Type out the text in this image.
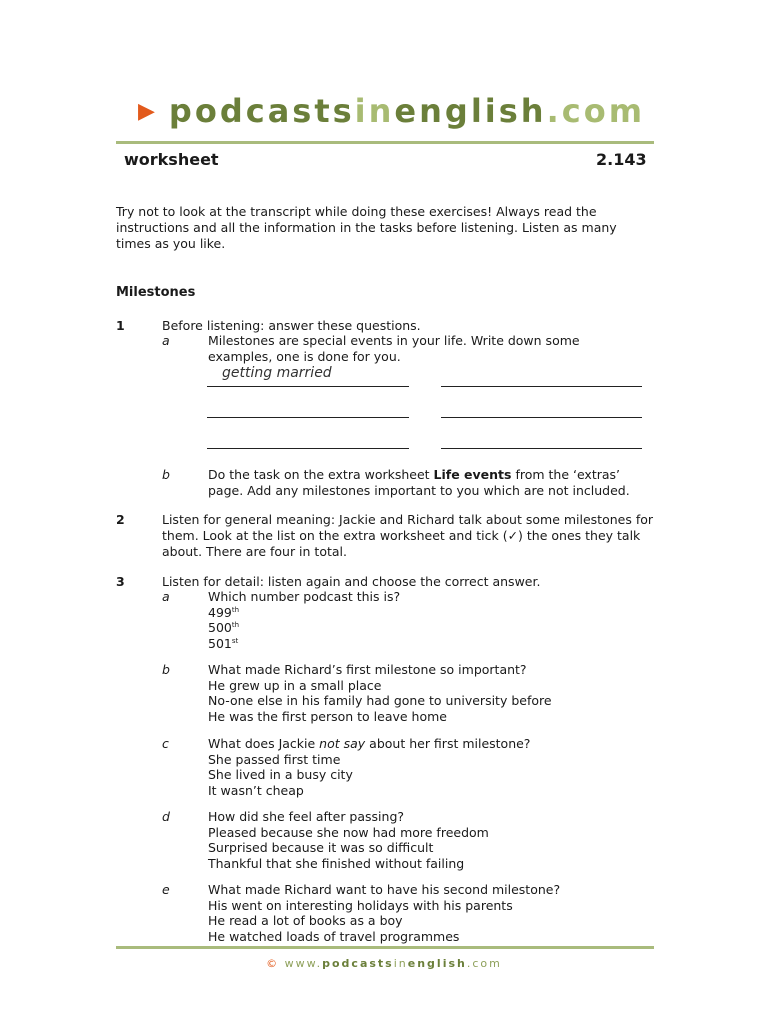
▶ podcastsinenglish.com
worksheet	2.143
Try not to look at the transcript while doing these exercises! Always read the instructions and all the information in the tasks before listening. Listen as many times as you like.
Milestones
1	Before listening: answer these questions.
a	Milestones are special events in your life. Write down some examples, one is done for you.
getting married
b	Do the task on the extra worksheet Life events from the ‘extras’ page. Add any milestones important to you which are not included.
2	Listen for general meaning: Jackie and Richard talk about some milestones for them. Look at the list on the extra worksheet and tick (✓) the ones they talk about. There are four in total.
3	Listen for detail: listen again and choose the correct answer.
a	Which number podcast this is?
499th
500th
501st
b	What made Richard’s first milestone so important?
He grew up in a small place
No-one else in his family had gone to university before
He was the first person to leave home
c	What does Jackie not say about her first milestone?
She passed first time
She lived in a busy city
It wasn’t cheap
d	How did she feel after passing?
Pleased because she now had more freedom
Surprised because it was so difficult
Thankful that she finished without failing
e	What made Richard want to have his second milestone?
His went on interesting holidays with his parents
He read a lot of books as a boy
He watched loads of travel programmes
© www.podcastsinenglish.com
